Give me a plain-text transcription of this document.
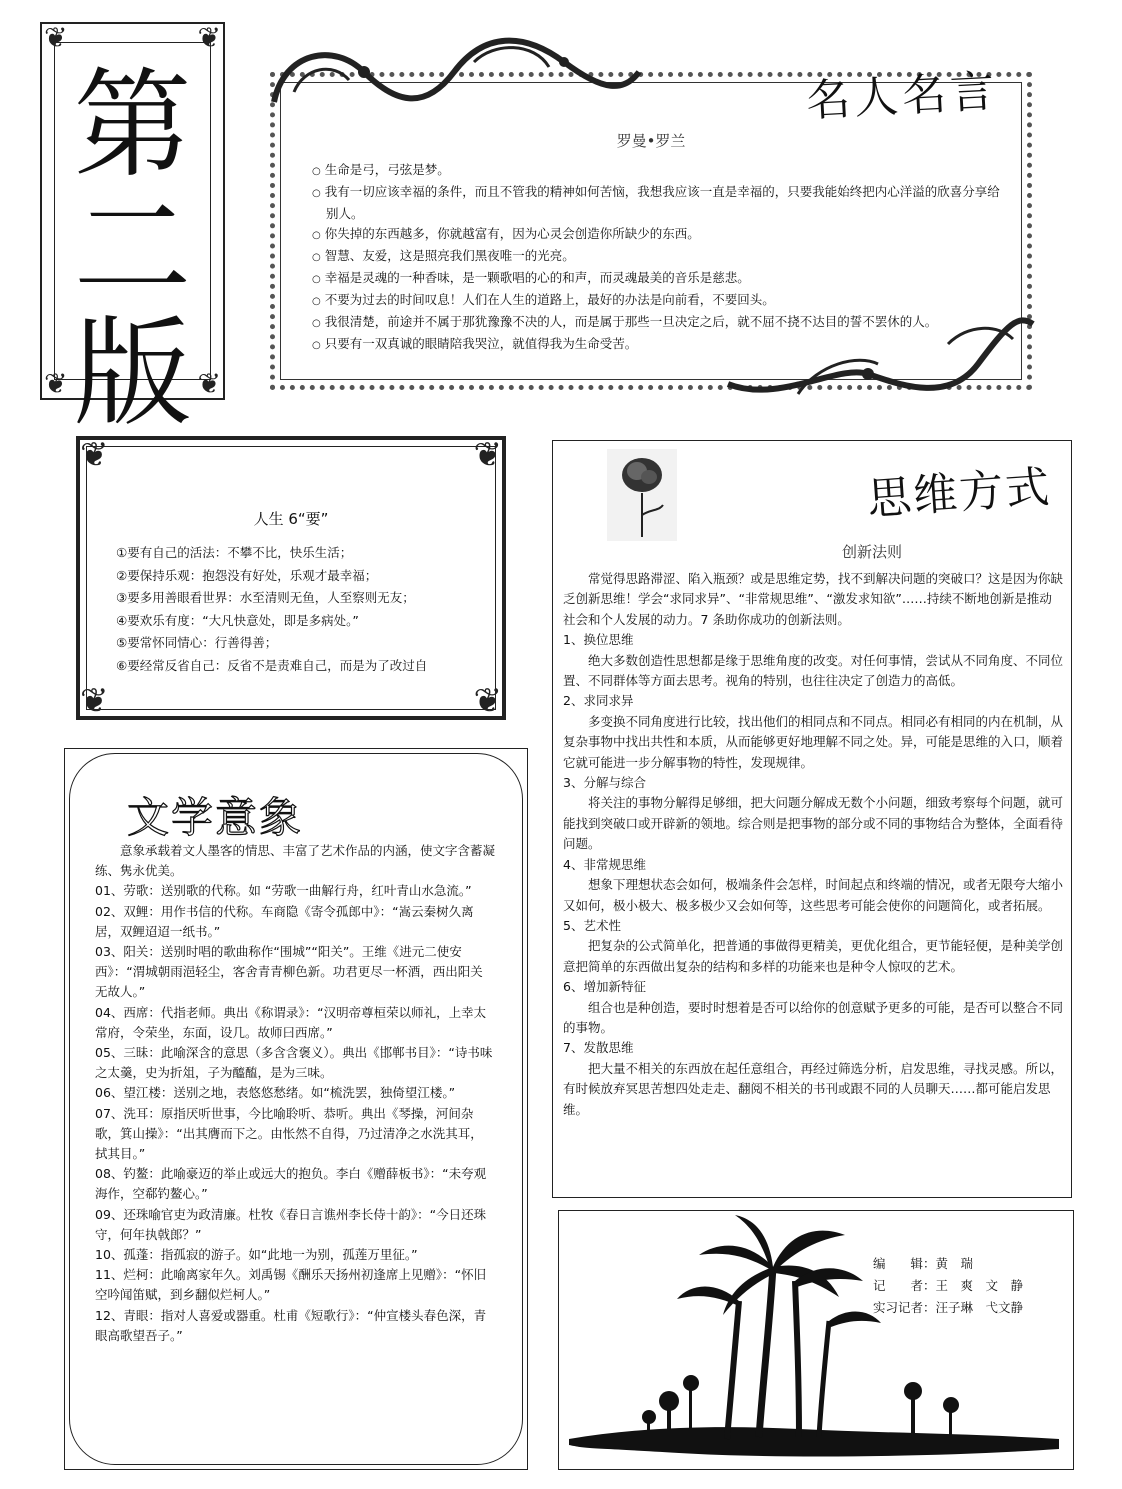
❦	❦
❦	❦
第
二
版
名人名言
罗曼•罗兰
○ 生命是弓，弓弦是梦。
○ 我有一切应该幸福的条件，而且不管我的精神如何苦恼，我想我应该一直是幸福的，只要我能始终把内心洋溢的欣喜分享给别人。
○ 你失掉的东西越多，你就越富有，因为心灵会创造你所缺少的东西。
○ 智慧、友爱，这是照亮我们黑夜唯一的光亮。
○ 幸福是灵魂的一种香味，是一颗歌唱的心的和声，而灵魂最美的音乐是慈悲。
○ 不要为过去的时间叹息！人们在人生的道路上，最好的办法是向前看，不要回头。
○ 我很清楚，前途并不属于那犹豫豫不决的人，而是属于那些一旦决定之后，就不屈不挠不达目的誓不罢休的人。
○ 只要有一双真诚的眼睛陪我哭泣，就值得我为生命受苦。
❦	❦
❦	❦
人生 6“要”
①要有自己的活法：不攀不比，快乐生活；
②要保持乐观：抱怨没有好处，乐观才最幸福；
③要多用善眼看世界：水至清则无鱼，人至察则无友；
④要欢乐有度：“大凡快意处，即是多病处。”
⑤要常怀同情心：行善得善；
⑥要经常反省自己：反省不是责难自己，而是为了改过自
文学意象

意象承载着文人墨客的情思、丰富了艺术作品的内涵，使文字含蓄凝练、隽永优美。

01、劳歌：送别歌的代称。如 “劳歌一曲解行舟，红叶青山水急流。”

02、双鲤：用作书信的代称。车商隐《寄令孤郎中》：“嵩云秦树久离居，双鲤迢迢一纸书。”

03、阳关：送别时唱的歌曲称作“围城”“阳关”。王维《进元二使安西》：“渭城朝雨浥轻尘，客舍青青柳色新。功君更尽一杯酒，西出阳关无故人。”

04、西席：代指老师。典出《称谓录》：“汉明帝尊桓荣以师礼，上幸太常府，令荣坐，东面，设几。故师曰西席。”

05、三昧：此喻深含的意思（多含含褒义）。典出《邯郸书目》：“诗书味之太羹，史为折俎，子为醯醢，是为三味。

06、望江楼：送别之地，表悠悠愁绪。如“梳洗罢，独倚望江楼。”

07、洗耳：原指厌听世事，今比喻聆听、恭听。典出《琴操，河间杂歌，箕山操》：“出其膺而下之。由怅然不自得，乃过清净之水洗其耳，拭其目。”

08、钓鳌：此喻豪迈的举止或远大的抱负。李白《赠薛板书》：“未夸观海作，空郗钓鳌心。”

09、还珠喻官吏为政清廉。杜牧《春日言谯州李长侍十韵》：“今日还珠守，何年执戟郎？”

10、孤蓬：指孤寂的游子。如“此地一为别，孤莲万里征。”

11、烂柯：此喻离家年久。刘禹锡《酬乐天扬州初逢席上见赠》：“怀旧空吟闻笛赋，到乡翻似烂柯人。”

12、青眼：指对人喜爱或器重。杜甫《短歌行》：“仲宣楼头春色深，青眼高歌望吾子。”

思维方式
创新法则

常觉得思路滞涩、陷入瓶颈？或是思维定势，找不到解决问题的突破口？这是因为你缺乏创新思维！学会“求同求异”、“非常规思维”、“激发求知欲”……持续不断地创新是推动社会和个人发展的动力。7 条助你成功的创新法则。

1、换位思维

绝大多数创造性思想都是缘于思维角度的改变。对任何事情，尝试从不同角度、不同位置、不同群体等方面去思考。视角的特别，也往往决定了创造力的高低。

2、求同求异

多变换不同角度进行比较，找出他们的相同点和不同点。相同必有相同的内在机制，从复杂事物中找出共性和本质，从而能够更好地理解不同之处。异，可能是思维的入口，顺着它就可能进一步分解事物的特性，发现规律。

3、分解与综合

将关注的事物分解得足够细，把大问题分解成无数个小问题，细致考察每个问题，就可能找到突破口或开辟新的领地。综合则是把事物的部分或不同的事物结合为整体，全面看待问题。

4、非常规思维

想象下理想状态会如何，极端条件会怎样，时间起点和终端的情况，或者无限夸大缩小又如何，极小极大、极多极少又会如何等，这些思考可能会使你的问题简化，或者拓展。

5、艺术性

把复杂的公式简单化，把普通的事做得更精美，更优化组合，更节能轻便，是种美学创意把简单的东西做出复杂的结构和多样的功能来也是种令人惊叹的艺术。

6、增加新特征

组合也是种创造，要时时想着是否可以给你的创意赋予更多的可能，是否可以整合不同的事物。

7、发散思维

把大量不相关的东西放在起任意组合，再经过筛选分析，启发思维，寻找灵感。所以，有时候放弃冥思苦想四处走走、翻阅不相关的书刊或跟不同的人员聊天……都可能启发思维。

编　　辑：黄　瑞
记　　者：王　爽　文　静
实习记者：汪子琳　弋文静
